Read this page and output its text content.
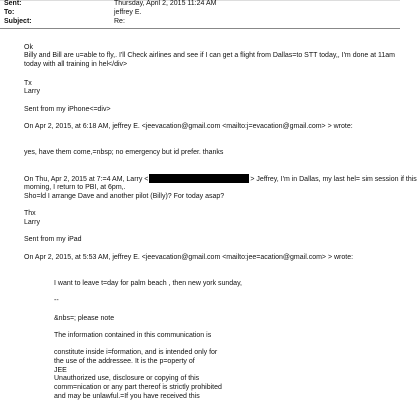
Sent:	Thursday, April 2, 2015 11:24 AM
To:	jeffrey E.
Subject:	Re:
Ok
Billy and Bill are u=able to fly,. I'll Check airlines and see if I can get a flight from Dallas=to STT today,, I'm done at 11am
today with all training in hel</div>
Tx
Larry
Sent from my iPhone<=div>
On Apr 2, 2015, at 6:18 AM, jeffrey E. <jeevacation@gmail.com <mailto:j=evacation@gmail.com> > wrote:
yes, have them come,=nbsp; no emergency but id prefer. thanks
On Thu, Apr 2, 2015 at 7:=4 AM, Larry <	> Jeffrey, I'm in Dallas, my last hel= sim session if this
morning, I return to PBI, at 6pm,.
Sho=ld I arrange Dave and another pilot (Billy)? For today asap?
Thx
Larry
Sent from my iPad
On Apr 2, 2015, at 5:53 AM, jeffrey E. <jeevacation@gmail.com <mailto:jee=acation@gmail.com> > wrote:
I want to leave t=day for palm beach , then new york sunday,
--
&nbs=; please note
The information contained in this communication is
constitute inside i=formation, and is intended only for
the use of the addressee. It is the p=operty of
JEE
Unauthorized use, disclosure or copying of this
comm=nication or any part thereof is strictly prohibited
and may be unlawful.=If you have received this
